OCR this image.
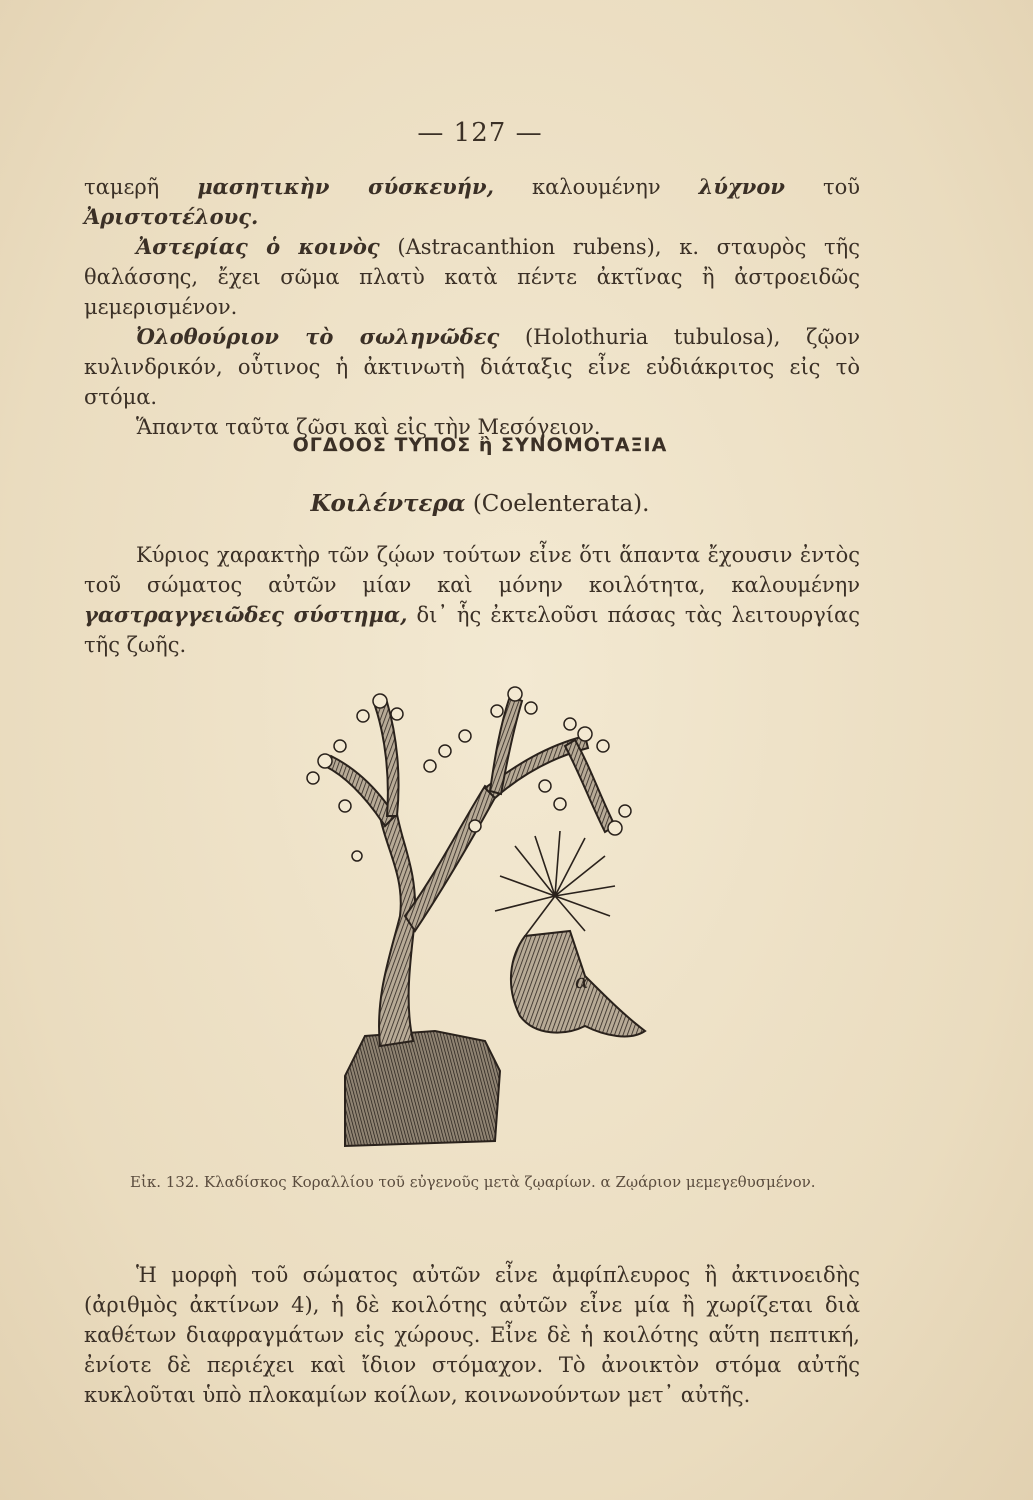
— 127 —

ταμερῆ μασητικὴν σύσκευήν, καλουμένην λύχνον τοῦ Ἀριστοτέλους.

Ἀστερίας ὁ κοινὸς (Astracanthion rubens), κ. σταυρὸς τῆς θαλάσσης, ἔχει σῶμα πλατὺ κατὰ πέντε ἀκτῖνας ἢ ἀστροειδῶς μεμερισμένον.

Ὀλοθούριον τὸ σωληνῶδες (Holothuria tubulosa), ζῷον κυλινδρικόν, οὗτινος ἡ ἀκτινωτὴ διάταξις εἶνε εὐδιάκριτος εἰς τὸ στόμα.

Ἅπαντα ταῦτα ζῶσι καὶ εἰς τὴν Μεσόγειον.

ΟΓΔΟΟΣ ΤΥΠΟΣ ἢ ΣΥΝΟΜΟΤΑΞΙΑ
Κοιλέντερα (Coelenterata).

Κύριος χαρακτὴρ τῶν ζῴων τούτων εἶνε ὅτι ἅπαντα ἔχουσιν ἐντὸς τοῦ σώματος αὐτῶν μίαν καὶ μόνην κοιλότητα, καλουμένην γαστραγγειῶδες σύστημα, δι᾽ ἧς ἐκτελοῦσι πάσας τὰς λειτουργίας τῆς ζωῆς.

α
Εἰκ. 132. Κλαδίσκος Κοραλλίου τοῦ εὐγενοῦς μετὰ ζῳαρίων. α Ζῳάριον μεμεγεθυσμένον.

Ἡ μορφὴ τοῦ σώματος αὐτῶν εἶνε ἀμφίπλευρος ἢ ἀκτινοειδὴς (ἀριθμὸς ἀκτίνων 4), ἡ δὲ κοιλότης αὐτῶν εἶνε μία ἢ χωρίζεται διὰ καθέτων διαφραγμάτων εἰς χώρους. Εἶνε δὲ ἡ κοιλότης αὕτη πεπτική, ἐνίοτε δὲ περιέχει καὶ ἴδιον στόμαχον. Τὸ ἀνοικτὸν στόμα αὐτῆς κυκλοῦται ὑπὸ πλοκαμίων κοίλων, κοινωνούντων μετ᾽ αὐτῆς.
